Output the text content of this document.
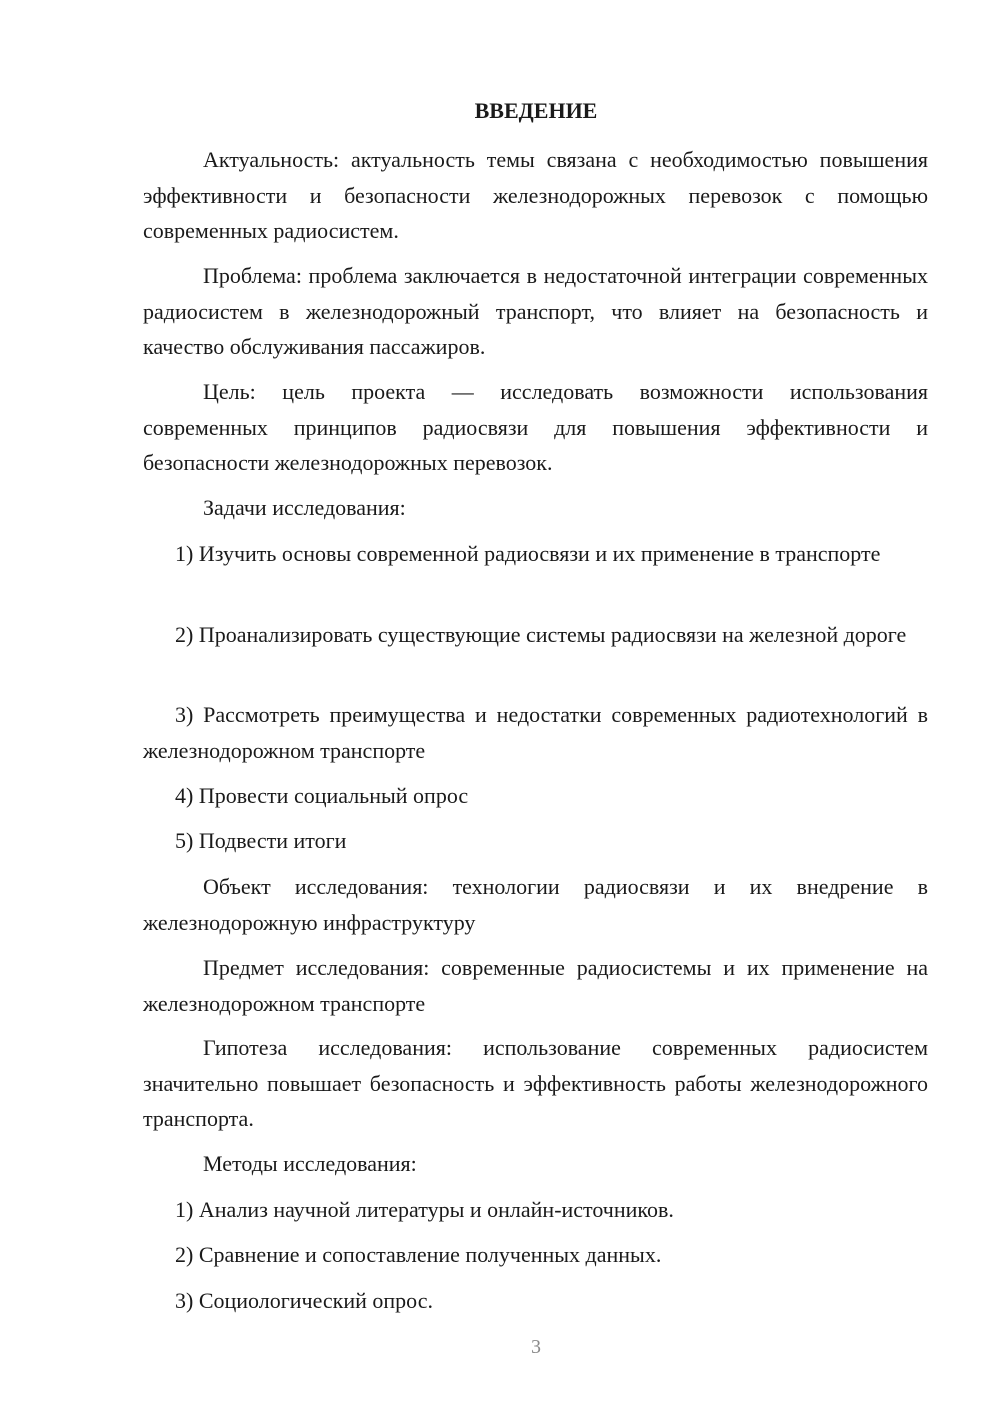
ВВЕДЕНИЕ

Актуальность: актуальность темы связана с необходимостью повышения эффективности и безопасности железнодорожных перевозок с помощью современных радиосистем.

Проблема: проблема заключается в недостаточной интеграции современных радиосистем в железнодорожный транспорт, что влияет на безопасность и качество обслуживания пассажиров.

Цель: цель проекта — исследовать возможности использования современных принципов радиосвязи для повышения эффективности и безопасности железнодорожных перевозок.

Задачи исследования:

1) Изучить основы современной радиосвязи и их применение в транспорте

2) Проанализировать существующие системы радиосвязи на железной дороге

3) Рассмотреть преимущества и недостатки современных радиотехнологий в железнодорожном транспорте

4) Провести социальный опрос

5) Подвести итоги

Объект исследования: технологии радиосвязи и их внедрение в железнодорожную инфраструктуру

Предмет исследования: современные радиосистемы и их применение на железнодорожном транспорте

Гипотеза исследования: использование современных радиосистем значительно повышает безопасность и эффективность работы железнодорожного транспорта.

Методы исследования:

1) Анализ научной литературы и онлайн-источников.

2) Сравнение и сопоставление полученных данных.

3) Социологический опрос.

3
